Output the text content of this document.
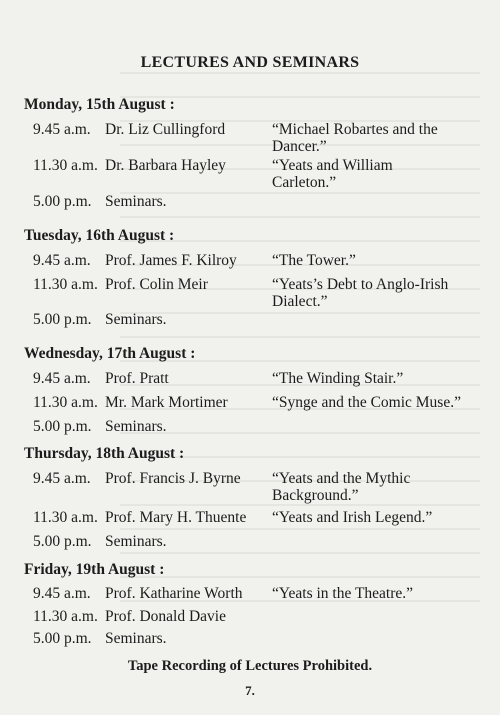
LECTURES AND SEMINARS
Monday, 15th August :
9.45 a.m. Dr. Liz Cullingford	“Michael Robartes and the
Dancer.”
11.30 a.m. Dr. Barbara Hayley	“Yeats and William
Carleton.”
5.00 p.m. Seminars.
Tuesday, 16th August :
9.45 a.m. Prof. James F. Kilroy “The Tower.”
11.30 a.m. Prof. Colin Meir	“Yeats’s Debt to Anglo-Irish
Dialect.”
5.00 p.m. Seminars.
Wednesday, 17th August :
9.45 a.m. Prof. Pratt	“The Winding Stair.”
11.30 a.m. Mr. Mark Mortimer	“Synge and the Comic Muse.”
5.00 p.m. Seminars.
Thursday, 18th August :
9.45 a.m. Prof. Francis J. Byrne “Yeats and the Mythic
Background.”
11.30 a.m. Prof. Mary H. Thuente “Yeats and Irish Legend.”
5.00 p.m. Seminars.
Friday, 19th August :
9.45 a.m. Prof. Katharine Worth “Yeats in the Theatre.”
11.30 a.m. Prof. Donald Davie
5.00 p.m. Seminars.
Tape Recording of Lectures Prohibited.
7.
